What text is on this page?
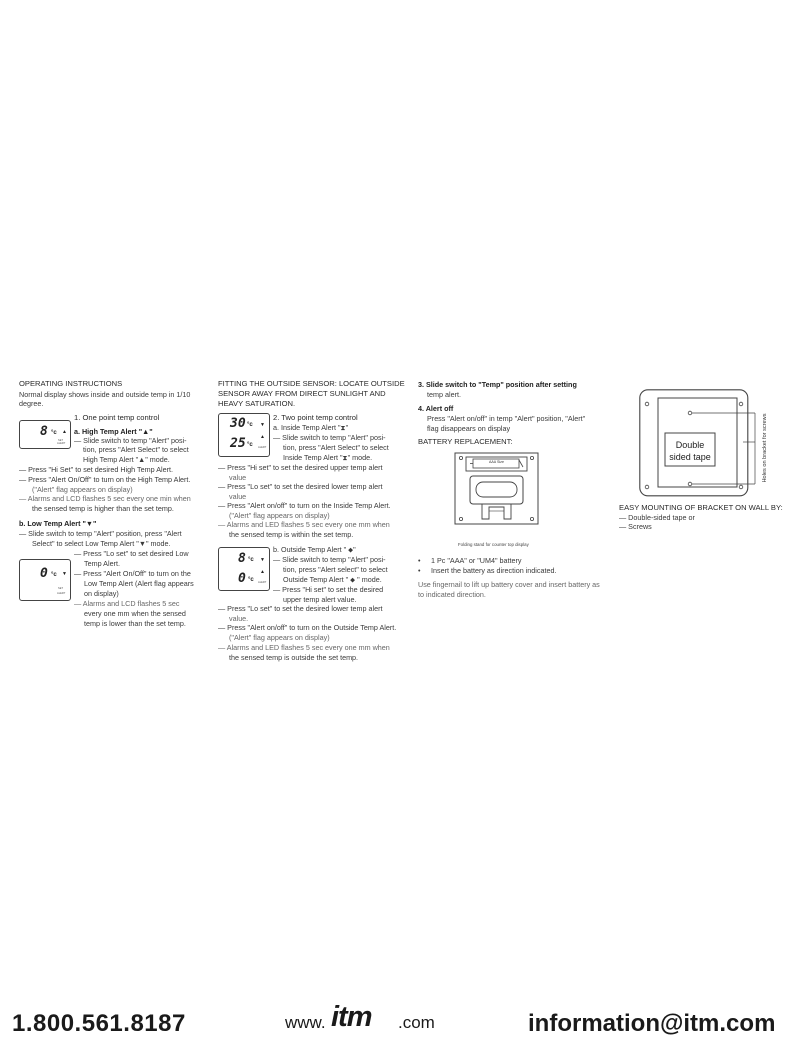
OPERATING INSTRUCTIONS
Normal display shows inside and outside temp in 1/10
degree.
1. One point temp control
8 °c ▲
SET
ALERT
a. High Temp Alert "▲"
— Slide switch to temp "Alert" posi-
tion, press "Alert Select" to select
High Temp Alert "▲" mode.
— Press "Hi Set" to set desired High Temp Alert.
— Press "Alert On/Off" to turn on the High Temp Alert.
("Alert" flag appears on display)
— Alarms and LCD flashes 5 sec every one min when
the sensed temp is higher than the set temp.
b. Low Temp Alert "▼"
— Slide switch to temp "Alert" position, press "Alert
Select" to select Low Temp Alert "▼" mode.
0 °c ▼
SET
ALERT
— Press "Lo set" to set desired Low
Temp Alert.
— Press "Alert On/Off" to turn on the
Low Temp Alert (Alert flag appears
on display)
— Alarms and LCD flashes 5 sec
every one mm when the sensed
temp is lower than the set temp.
FITTING THE OUTSIDE SENSOR: LOCATE OUTSIDE
SENSOR AWAY FROM DIRECT SUNLIGHT AND
HEAVY SATURATION.
2. Two point temp control
30 °c ▼
25 °c
▲
ALERT
a. Inside Temp Alert "⧗"
— Slide switch to temp "Alert" posi-
tion, press "Alert Select" to select
Inside Temp Alert "⧗" mode.
— Press "Hi set" to set the desired upper temp alert
value
— Press "Lo set" to set the desired lower temp alert
value
— Press "Alert on/off" to turn on the Inside Temp Alert.
("Alert" flag appears on display)
— Alarms and LED flashes 5 sec every one mm when
the sensed temp is within the set temp.
8 °c ▼
0 °c
▲
ALERT
b. Outside Temp Alert " ⬥"
— Slide switch to temp "Alert" posi-
tion, press "Alert select" to select
Outside Temp Alert " ⬥ " mode.
— Press "Hi set" to set the desired
upper temp alert value.
— Press "Lo set" to set the desired lower temp alert
value.
— Press "Alert on/off" to turn on the Outside Temp Alert.
("Alert" flag appears on display)
— Alarms and LED flashes 5 sec every one mm when
the sensed temp is outside the set temp.
3. Slide switch to "Temp" position after setting
temp alert.
4. Alert off
Press "Alert on/off" in temp "Alert" position, "Alert"
flag disappears on display
BATTERY REPLACEMENT:
AAA Size
Folding stand for counter top display
• 1 Pc "AAA" or "UM4" battery
• Insert the battery as direction indicated.
Use fingernail to lift up battery cover and insert battery as
to indicated direction.
Double
sided tape	Holes on bracket for screws
EASY MOUNTING OF BRACKET ON WALL BY:
— Double-sided tape or
— Screws
1.800.561.8187	www. itm .com	information@itm.com
